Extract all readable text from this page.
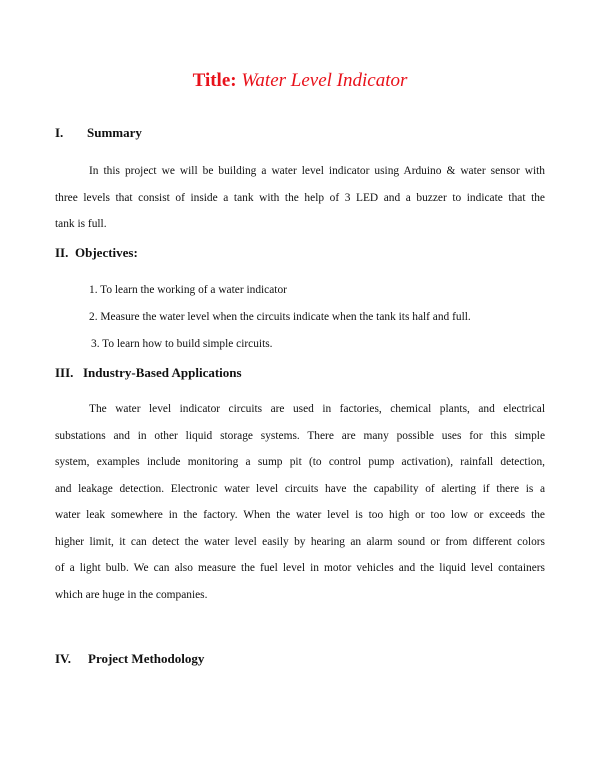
Title: Water Level Indicator
I. Summary
In this project we will be building a water level indicator using Arduino & water sensor with
three levels that consist of inside a tank with the help of 3 LED and a buzzer to indicate that the
tank is full.
II. Objectives:
1. To learn the working of a water indicator
2. Measure the water level when the circuits indicate when the tank its half and full.
3. To learn how to build simple circuits.
III. Industry-Based Applications
The water level indicator circuits are used in factories, chemical plants, and electrical
substations and in other liquid storage systems. There are many possible uses for this simple
system, examples include monitoring a sump pit (to control pump activation), rainfall detection,
and leakage detection. Electronic water level circuits have the capability of alerting if there is a
water leak somewhere in the factory. When the water level is too high or too low or exceeds the
higher limit, it can detect the water level easily by hearing an alarm sound or from different colors
of a light bulb. We can also measure the fuel level in motor vehicles and the liquid level containers
which are huge in the companies.
IV. Project Methodology
